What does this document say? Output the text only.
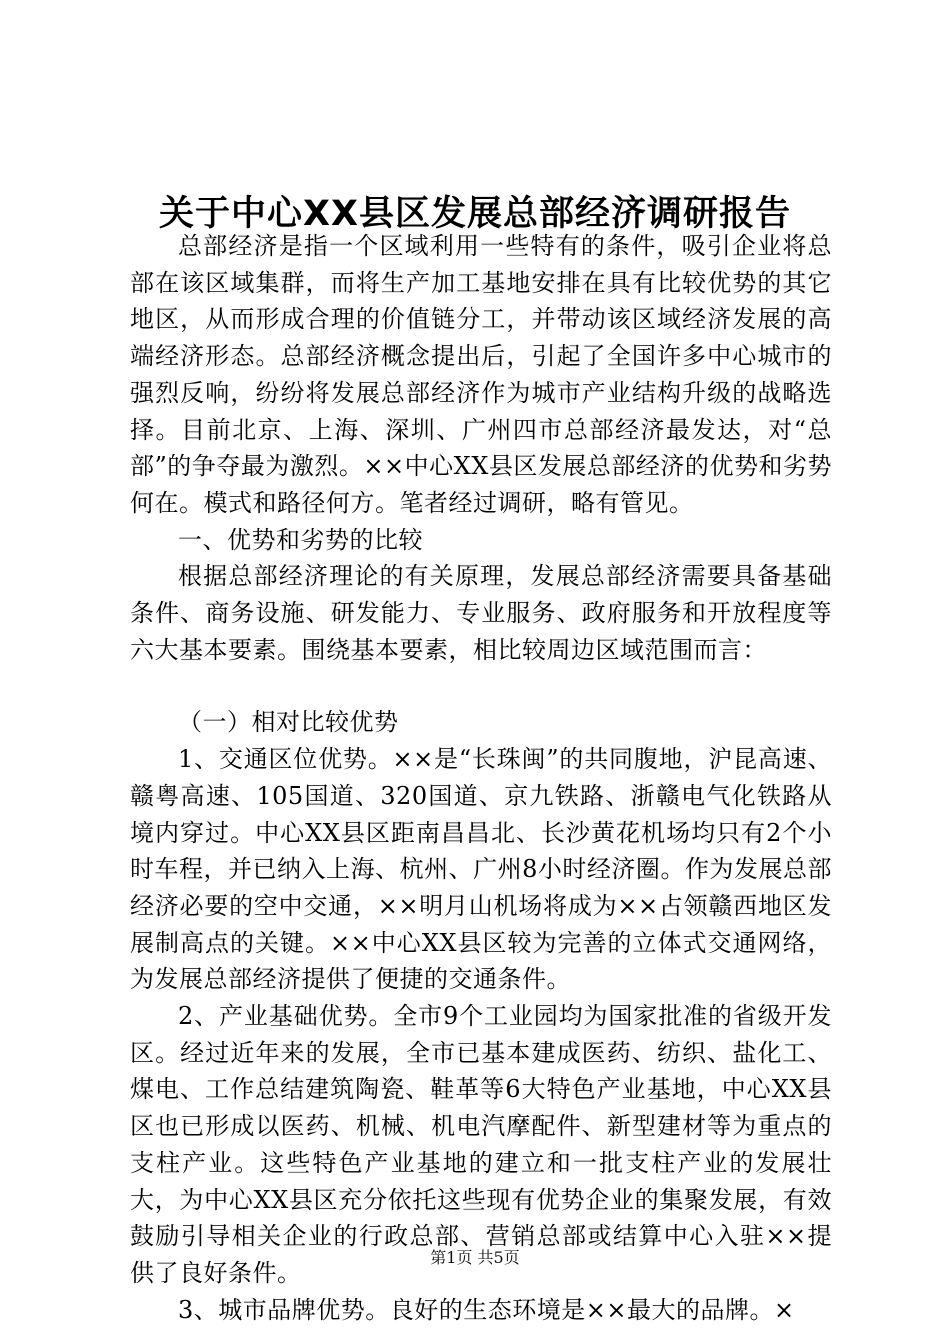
关于中心XX县区发展总部经济调研报告

总部经济是指一个区域利用一些特有的条件，吸引企业将总部在该区域集群，而将生产加工基地安排在具有比较优势的其它地区，从而形成合理的价值链分工，并带动该区域经济发展的高端经济形态。总部经济概念提出后，引起了全国许多中心城市的强烈反响，纷纷将发展总部经济作为城市产业结构升级的战略选择。目前北京、上海、深圳、广州四市总部经济最发达，对“总部”的争夺最为激烈。××中心XX县区发展总部经济的优势和劣势何在。模式和路径何方。笔者经过调研，略有管见。

一、优势和劣势的比较

根据总部经济理论的有关原理，发展总部经济需要具备基础条件、商务设施、研发能力、专业服务、政府服务和开放程度等六大基本要素。围绕基本要素，相比较周边区域范围而言：

（一）相对比较优势

1、交通区位优势。××是“长珠闽”的共同腹地，沪昆高速、赣粤高速、105国道、320国道、京九铁路、浙赣电气化铁路从境内穿过。中心XX县区距南昌昌北、长沙黄花机场均只有2个小时车程，并已纳入上海、杭州、广州8小时经济圈。作为发展总部经济必要的空中交通，××明月山机场将成为××占领赣西地区发展制高点的关键。××中心XX县区较为完善的立体式交通网络，为发展总部经济提供了便捷的交通条件。

2、产业基础优势。全市9个工业园均为国家批准的省级开发区。经过近年来的发展，全市已基本建成医药、纺织、盐化工、煤电、工作总结建筑陶瓷、鞋革等6大特色产业基地，中心XX县区也已形成以医药、机械、机电汽摩配件、新型建材等为重点的支柱产业。这些特色产业基地的建立和一批支柱产业的发展壮大，为中心XX县区充分依托这些现有优势企业的集聚发展，有效鼓励引导相关企业的行政总部、营销总部或结算中心入驻××提供了良好条件。

3、城市品牌优势。良好的生态环境是××最大的品牌。×

第1页 共5页
